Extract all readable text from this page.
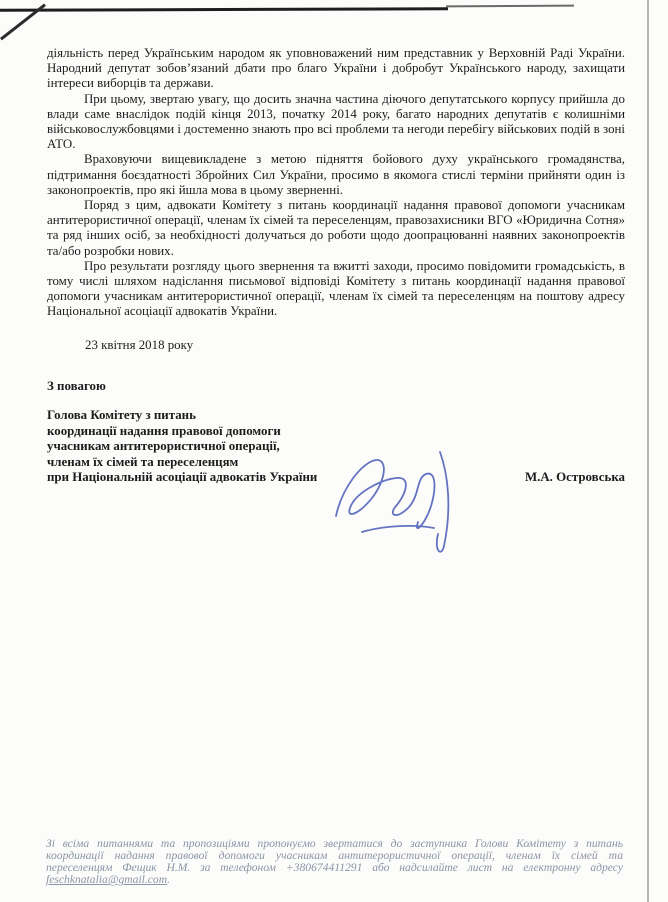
діяльність перед Українським народом як уповноважений ним представник у Верховній Раді України. Народний депутат зобов’язаний дбати про благо України і добробут Українського народу, захищати інтереси виборців та держави.

При цьому, звертаю увагу, що досить значна частина діючого депутатського корпусу прийшла до влади саме внаслідок подій кінця 2013, початку 2014 року, багато народних депутатів є колишніми військовослужбовцями і достеменно знають про всі проблеми та негоди перебігу військових подій в зоні АТО.

Враховуючи вищевикладене з метою підняття бойового духу українського громадянства, підтримання боєздатності Збройних Сил України, просимо в якомога стислі терміни прийняти один із законопроектів, про які йшла мова в цьому зверненні.

Поряд з цим, адвокати Комітету з питань координації надання правової допомоги учасникам антитерористичної операції, членам їх сімей та переселенцям, правозахисники ВГО «Юридична Сотня» та ряд інших осіб, за необхідності долучаться до роботи щодо доопрацюванні наявних законопроектів та/або розробки нових.

Про результати розгляду цього звернення та вжитті заходи, просимо повідомити громадськість, в тому числі шляхом надіслання письмової відповіді Комітету з питань координації надання правової допомоги учасникам антитерористичної операції, членам їх сімей та переселенцям на поштову адресу Національної асоціації адвокатів України.

23 квітня 2018 року
З повагою
Голова Комітету з питань
координації надання правової допомоги
учасникам антитерористичної операції,
членам їх сімей та переселенцям
при Національній асоціації адвокатів України	М.А. Островська
Зі всіма питаннями та пропозиціями пропонуємо звертатися до заступника Голови Комітету з питань координації надання правової допомоги учасникам антитерористичної операції, членам їх сімей та переселенцям Фещик Н.М. за телефоном +380674411291 або надсилайте лист на електронну адресу feschknatalia@gmail.com.
